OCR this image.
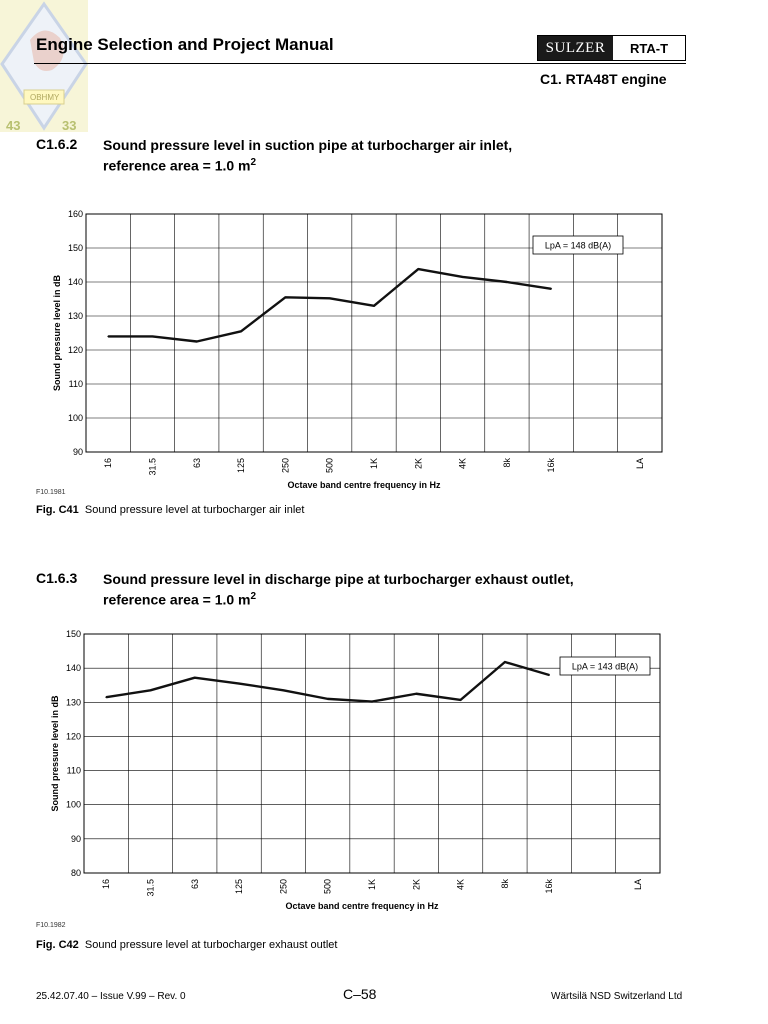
OBHMY
43	33
Engine Selection and Project Manual	SULZER	RTA-T
C1. RTA48T engine
C1.6.2 Sound pressure level in suction pipe at turbocharger air inlet,
reference area = 1.0 $m^2$
90
100
110
120
130
140
150
160
16	31.5	63	125	250	500	1K	2K	4K	8k	16k	LA
Octave band centre frequency in Hz
Sound pressure level in dB
LpA = 148 dB(A)
F10.1981
Fig. C41 Sound pressure level at turbocharger air inlet
C1.6.3 Sound pressure level in discharge pipe at turbocharger exhaust outlet,
reference area = 1.0 $m^2$
80
90
100
110
120
130
140
150
16	31.5	63	125	250	500	1K	2K	4K	8k	16k	LA
Octave band centre frequency in Hz
Sound pressure level in dB
LpA = 143 dB(A)
F10.1982
Fig. C42 Sound pressure level at turbocharger exhaust outlet
25.42.07.40 – Issue V.99 – Rev. 0	C–58	Wärtsilä NSD Switzerland Ltd
